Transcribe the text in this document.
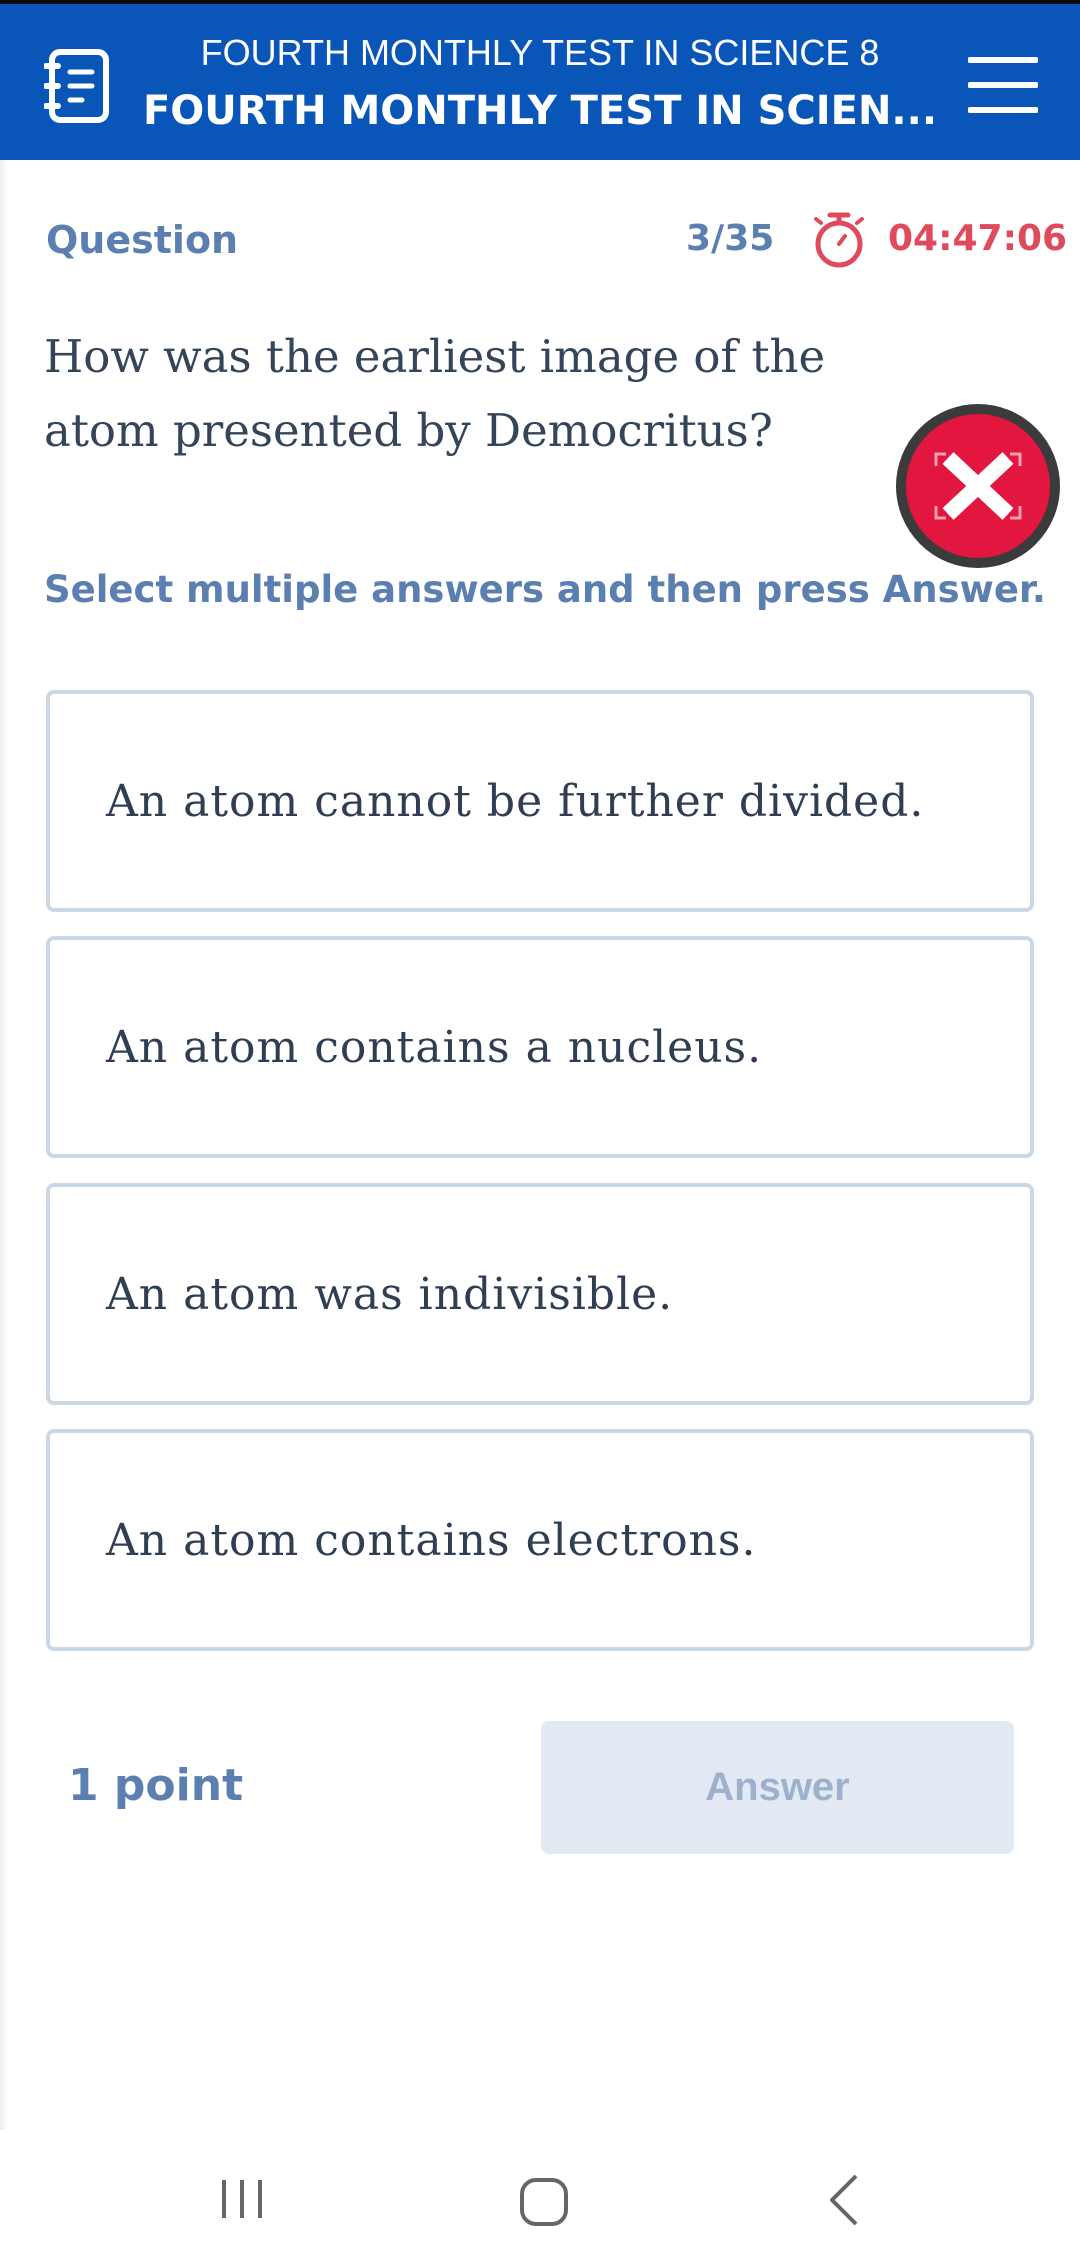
FOURTH MONTHLY TEST IN SCIENCE 8
FOURTH MONTHLY TEST IN SCIEN...
Question	3/35	04:47:06
How was the earliest image of the atom presented by Democritus?
Select multiple answers and then press Answer.
An atom cannot be further divided.
An atom contains a nucleus.
An atom was indivisible.
An atom contains electrons.
1 point	Answer
